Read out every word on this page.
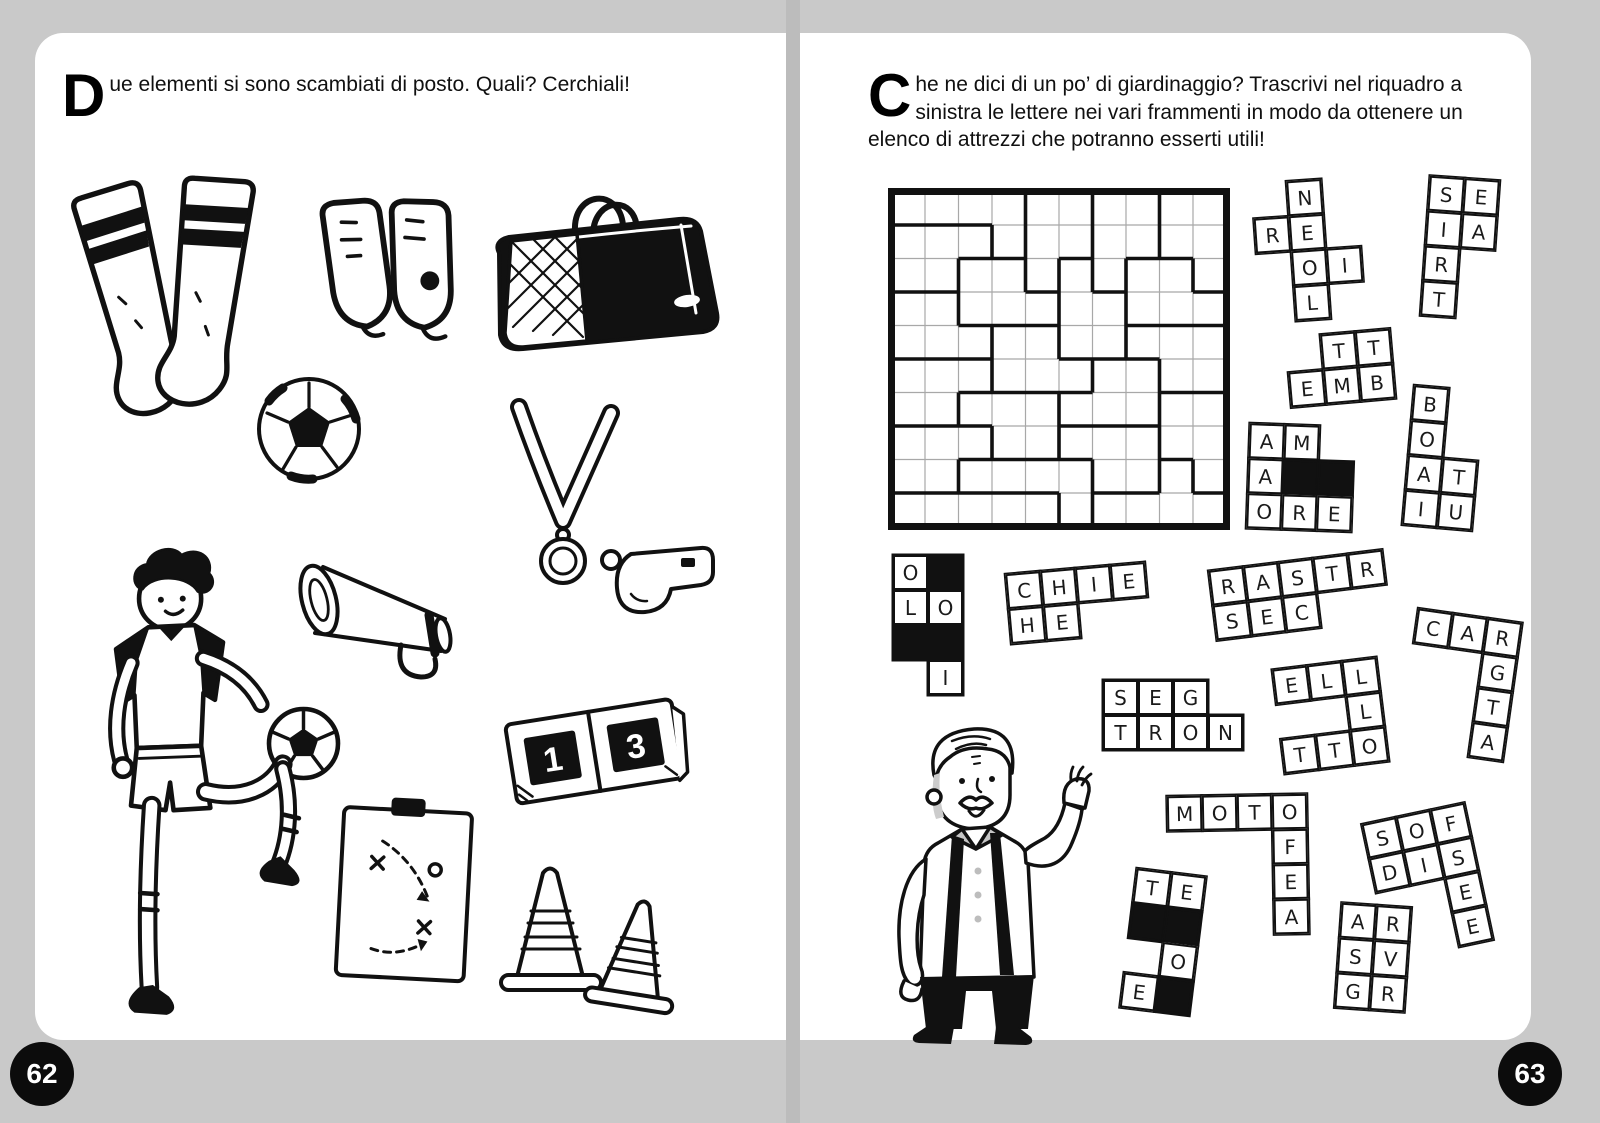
Due elementi si sono scambiati di posto. Quali? Cerchiali!

1 3

Che ne dici di un po’ di giardinaggio? Trascrivi nel riquadro a sinistra le lettere nei vari frammenti in modo da ottenere un elenco di attrezzi che potranno esserti utili!

N
R E
O	I
L
S	E
I	A
R
T
T	T
E M B
B
O
A T
I	U
A M
A
O R	E
O
L	O
I
C H	I	E
H E
R A S T R
S E C
C A R
G
T
A
E	L	L
L
T T O
S	E	G
T	R	O N
M O	T	O
F
E
A
T E
O
E
S O F
D I	S
E
E
A R
S	V
G R
62	63
